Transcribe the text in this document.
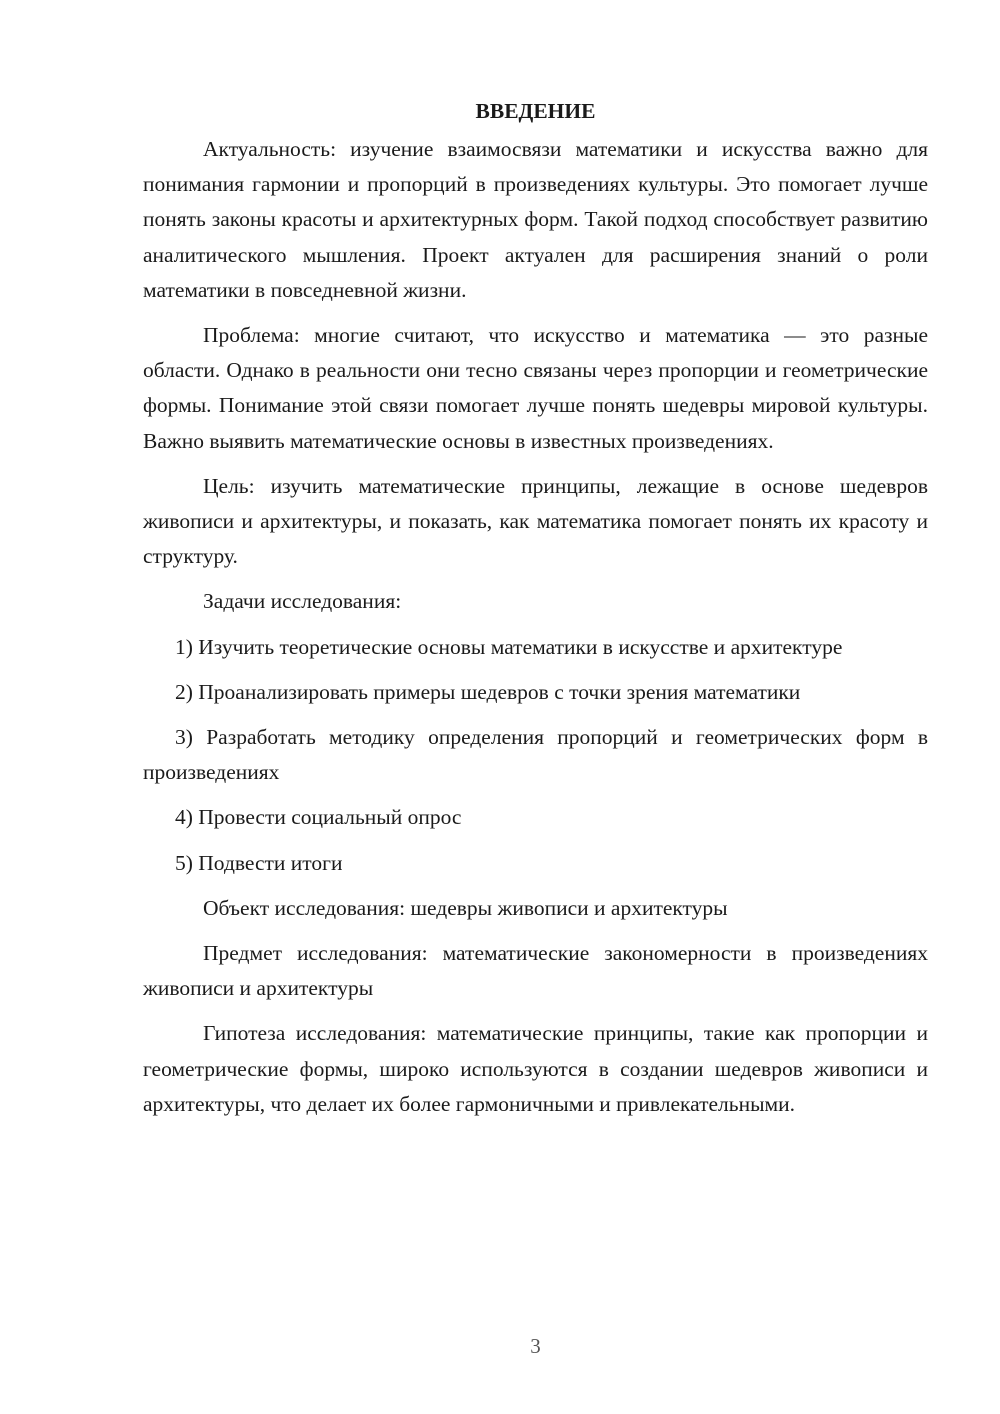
ВВЕДЕНИЕ

Актуальность: изучение взаимосвязи математики и искусства важно для понимания гармонии и пропорций в произведениях культуры. Это помогает лучше понять законы красоты и архитектурных форм. Такой подход способствует развитию аналитического мышления. Проект актуален для расширения знаний о роли математики в повседневной жизни.

Проблема: многие считают, что искусство и математика — это разные области. Однако в реальности они тесно связаны через пропорции и геометрические формы. Понимание этой связи помогает лучше понять шедевры мировой культуры. Важно выявить математические основы в известных произведениях.

Цель: изучить математические принципы, лежащие в основе шедевров живописи и архитектуры, и показать, как математика помогает понять их красоту и структуру.

Задачи исследования:

1) Изучить теоретические основы математики в искусстве и архитектуре

2) Проанализировать примеры шедевров с точки зрения математики

3) Разработать методику определения пропорций и геометрических форм в произведениях

4) Провести социальный опрос

5) Подвести итоги

Объект исследования: шедевры живописи и архитектуры

Предмет исследования: математические закономерности в произведениях живописи и архитектуры

Гипотеза исследования: математические принципы, такие как пропорции и геометрические формы, широко используются в создании шедевров живописи и архитектуры, что делает их более гармоничными и привлекательными.

3
